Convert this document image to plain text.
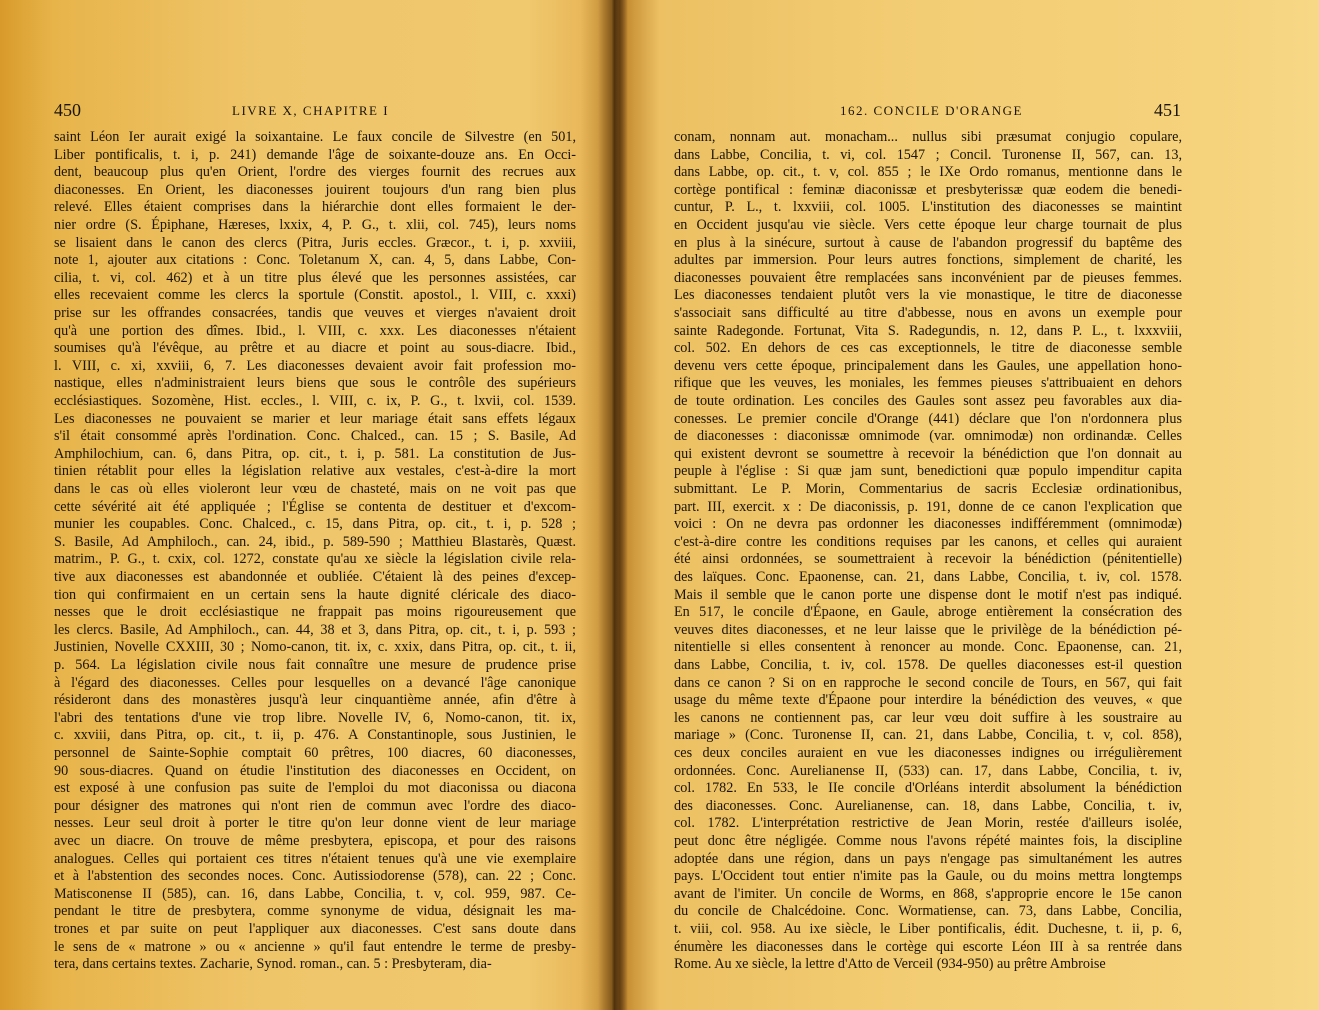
450	LIVRE X, CHAPITRE I
saint Léon Ier aurait exigé la soixantaine. Le faux concile de Silvestre (en 501,
Liber pontificalis, t. i, p. 241) demande l'âge de soixante-douze ans. En Occi-
dent, beaucoup plus qu'en Orient, l'ordre des vierges fournit des recrues aux
diaconesses. En Orient, les diaconesses jouirent toujours d'un rang bien plus
relevé. Elles étaient comprises dans la hiérarchie dont elles formaient le der-
nier ordre (S. Épiphane, Hæreses, lxxix, 4, P. G., t. xlii, col. 745), leurs noms
se lisaient dans le canon des clercs (Pitra, Juris eccles. Græcor., t. i, p. xxviii,
note 1, ajouter aux citations : Conc. Toletanum X, can. 4, 5, dans Labbe, Con-
cilia, t. vi, col. 462) et à un titre plus élevé que les personnes assistées, car
elles recevaient comme les clercs la sportule (Constit. apostol., l. VIII, c. xxxi)
prise sur les offrandes consacrées, tandis que veuves et vierges n'avaient droit
qu'à une portion des dîmes. Ibid., l. VIII, c. xxx. Les diaconesses n'étaient
soumises qu'à l'évêque, au prêtre et au diacre et point au sous-diacre. Ibid.,
l. VIII, c. xi, xxviii, 6, 7. Les diaconesses devaient avoir fait profession mo-
nastique, elles n'administraient leurs biens que sous le contrôle des supérieurs
ecclésiastiques. Sozomène, Hist. eccles., l. VIII, c. ix, P. G., t. lxvii, col. 1539.
Les diaconesses ne pouvaient se marier et leur mariage était sans effets légaux
s'il était consommé après l'ordination. Conc. Chalced., can. 15 ; S. Basile, Ad
Amphilochium, can. 6, dans Pitra, op. cit., t. i, p. 581. La constitution de Jus-
tinien rétablit pour elles la législation relative aux vestales, c'est-à-dire la mort
dans le cas où elles violeront leur vœu de chasteté, mais on ne voit pas que
cette sévérité ait été appliquée ; l'Église se contenta de destituer et d'excom-
munier les coupables. Conc. Chalced., c. 15, dans Pitra, op. cit., t. i, p. 528 ;
S. Basile, Ad Amphiloch., can. 24, ibid., p. 589-590 ; Matthieu Blastarès, Quæst.
matrim., P. G., t. cxix, col. 1272, constate qu'au xe siècle la législation civile rela-
tive aux diaconesses est abandonnée et oubliée. C'étaient là des peines d'excep-
tion qui confirmaient en un certain sens la haute dignité cléricale des diaco-
nesses que le droit ecclésiastique ne frappait pas moins rigoureusement que
les clercs. Basile, Ad Amphiloch., can. 44, 38 et 3, dans Pitra, op. cit., t. i, p. 593 ;
Justinien, Novelle CXXIII, 30 ; Nomo-canon, tit. ix, c. xxix, dans Pitra, op. cit., t. ii,
p. 564. La législation civile nous fait connaître une mesure de prudence prise
à l'égard des diaconesses. Celles pour lesquelles on a devancé l'âge canonique
résideront dans des monastères jusqu'à leur cinquantième année, afin d'être à
l'abri des tentations d'une vie trop libre. Novelle IV, 6, Nomo-canon, tit. ix,
c. xxviii, dans Pitra, op. cit., t. ii, p. 476. A Constantinople, sous Justinien, le
personnel de Sainte-Sophie comptait 60 prêtres, 100 diacres, 60 diaconesses,
90 sous-diacres. Quand on étudie l'institution des diaconesses en Occident, on
est exposé à une confusion pas suite de l'emploi du mot diaconissa ou diacona
pour désigner des matrones qui n'ont rien de commun avec l'ordre des diaco-
nesses. Leur seul droit à porter le titre qu'on leur donne vient de leur mariage
avec un diacre. On trouve de même presbytera, episcopa, et pour des raisons
analogues. Celles qui portaient ces titres n'étaient tenues qu'à une vie exemplaire
et à l'abstention des secondes noces. Conc. Autissiodorense (578), can. 22 ; Conc.
Matisconense II (585), can. 16, dans Labbe, Concilia, t. v, col. 959, 987. Ce-
pendant le titre de presbytera, comme synonyme de vidua, désignait les ma-
trones et par suite on peut l'appliquer aux diaconesses. C'est sans doute dans
le sens de « matrone » ou « ancienne » qu'il faut entendre le terme de presby-
tera, dans certains textes. Zacharie, Synod. roman., can. 5 : Presbyteram, dia-
162. CONCILE D'ORANGE	451
conam, nonnam aut. monacham... nullus sibi præsumat conjugio copulare,
dans Labbe, Concilia, t. vi, col. 1547 ; Concil. Turonense II, 567, can. 13,
dans Labbe, op. cit., t. v, col. 855 ; le IXe Ordo romanus, mentionne dans le
cortège pontifical : feminæ diaconissæ et presbyterissæ quæ eodem die benedi-
cuntur, P. L., t. lxxviii, col. 1005. L'institution des diaconesses se maintint
en Occident jusqu'au vie siècle. Vers cette époque leur charge tournait de plus
en plus à la sinécure, surtout à cause de l'abandon progressif du baptême des
adultes par immersion. Pour leurs autres fonctions, simplement de charité, les
diaconesses pouvaient être remplacées sans inconvénient par de pieuses femmes.
Les diaconesses tendaient plutôt vers la vie monastique, le titre de diaconesse
s'associait sans difficulté au titre d'abbesse, nous en avons un exemple pour
sainte Radegonde. Fortunat, Vita S. Radegundis, n. 12, dans P. L., t. lxxxviii,
col. 502. En dehors de ces cas exceptionnels, le titre de diaconesse semble
devenu vers cette époque, principalement dans les Gaules, une appellation hono-
rifique que les veuves, les moniales, les femmes pieuses s'attribuaient en dehors
de toute ordination. Les conciles des Gaules sont assez peu favorables aux dia-
conesses. Le premier concile d'Orange (441) déclare que l'on n'ordonnera plus
de diaconesses : diaconissæ omnimode (var. omnimodæ) non ordinandæ. Celles
qui existent devront se soumettre à recevoir la bénédiction que l'on donnait au
peuple à l'église : Si quæ jam sunt, benedictioni quæ populo impenditur capita
submittant. Le P. Morin, Commentarius de sacris Ecclesiæ ordinationibus,
part. III, exercit. x : De diaconissis, p. 191, donne de ce canon l'explication que
voici : On ne devra pas ordonner les diaconesses indifféremment (omnimodæ)
c'est-à-dire contre les conditions requises par les canons, et celles qui auraient
été ainsi ordonnées, se soumettraient à recevoir la bénédiction (pénitentielle)
des laïques. Conc. Epaonense, can. 21, dans Labbe, Concilia, t. iv, col. 1578.
Mais il semble que le canon porte une dispense dont le motif n'est pas indiqué.
En 517, le concile d'Épaone, en Gaule, abroge entièrement la consécration des
veuves dites diaconesses, et ne leur laisse que le privilège de la bénédiction pé-
nitentielle si elles consentent à renoncer au monde. Conc. Epaonense, can. 21,
dans Labbe, Concilia, t. iv, col. 1578. De quelles diaconesses est-il question
dans ce canon ? Si on en rapproche le second concile de Tours, en 567, qui fait
usage du même texte d'Épaone pour interdire la bénédiction des veuves, « que
les canons ne contiennent pas, car leur vœu doit suffire à les soustraire au
mariage » (Conc. Turonense II, can. 21, dans Labbe, Concilia, t. v, col. 858),
ces deux conciles auraient en vue les diaconesses indignes ou irrégulièrement
ordonnées. Conc. Aurelianense II, (533) can. 17, dans Labbe, Concilia, t. iv,
col. 1782. En 533, le IIe concile d'Orléans interdit absolument la bénédiction
des diaconesses. Conc. Aurelianense, can. 18, dans Labbe, Concilia, t. iv,
col. 1782. L'interprétation restrictive de Jean Morin, restée d'ailleurs isolée,
peut donc être négligée. Comme nous l'avons répété maintes fois, la discipline
adoptée dans une région, dans un pays n'engage pas simultanément les autres
pays. L'Occident tout entier n'imite pas la Gaule, ou du moins mettra longtemps
avant de l'imiter. Un concile de Worms, en 868, s'approprie encore le 15e canon
du concile de Chalcédoine. Conc. Wormatiense, can. 73, dans Labbe, Concilia,
t. viii, col. 958. Au ixe siècle, le Liber pontificalis, édit. Duchesne, t. ii, p. 6,
énumère les diaconesses dans le cortège qui escorte Léon III à sa rentrée dans
Rome. Au xe siècle, la lettre d'Atto de Verceil (934-950) au prêtre Ambroise
